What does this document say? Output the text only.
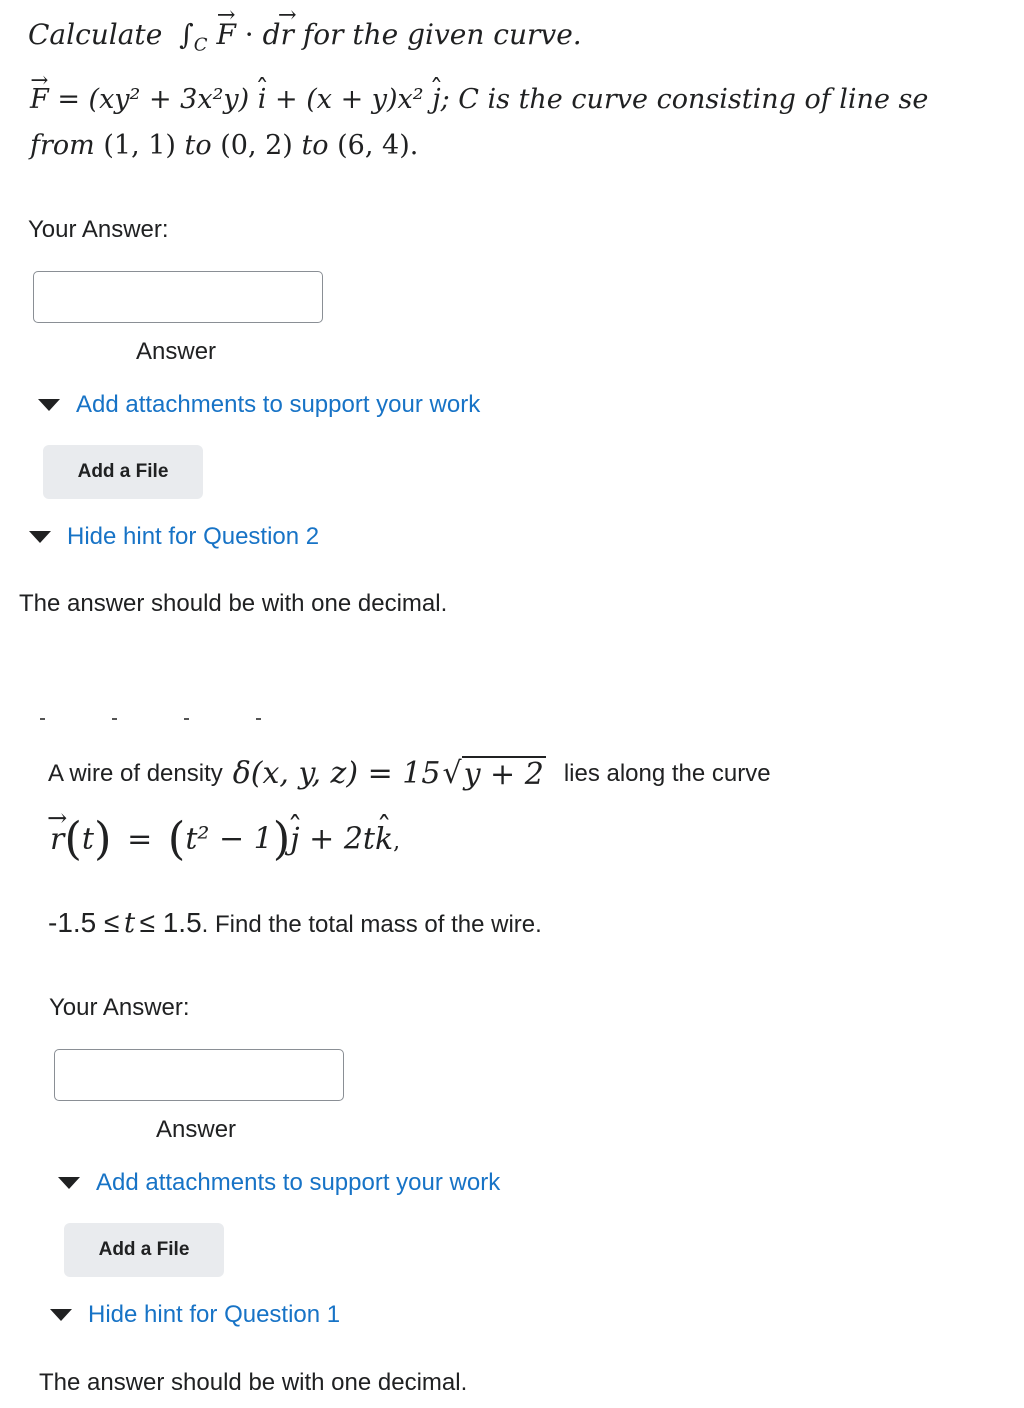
Calculate $\int_C \to F \cdot d\to r$ for the given curve.
→ F = (xy² + 3x²y) ˆ i + (x + y)x² ˆ j; C is the curve consisting of line se
from (1, 1) to (0, 2) to (6, 4).
Your Answer:
Answer
Add attachments to support your work
Add a File
Hide hint for Question 2
The answer should be with one decimal.
A wire of density δ(x, y, z) = 15 √ y + 2 lies along the curve
→ r(t) = (t² − 1)ˆ j + 2tˆ k,
-1.5 ≤ t ≤ 1.5. Find the total mass of the wire.
Your Answer:
Answer
Add attachments to support your work
Add a File
Hide hint for Question 1
The answer should be with one decimal.
